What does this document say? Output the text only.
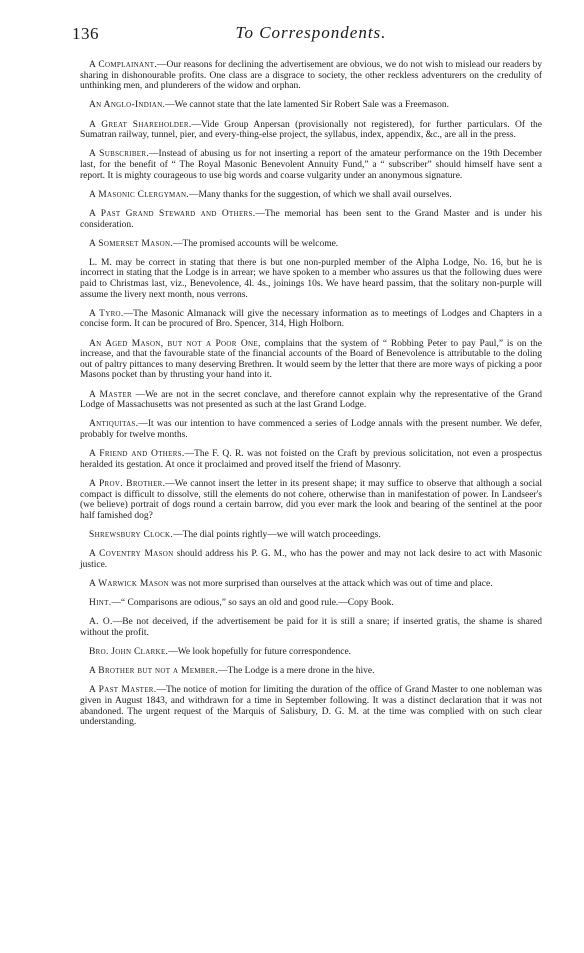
136	To Correspondents.

A Complainant.—Our reasons for declining the advertisement are obvious, we do not wish to mislead our readers by sharing in dishonourable profits. One class are a disgrace to society, the other reckless adventurers on the credulity of unthinking men, and plunderers of the widow and orphan.

An Anglo-Indian.—We cannot state that the late lamented Sir Robert Sale was a Freemason.

A Great Shareholder.—Vide Group Anpersan (provisionally not registered), for further particulars. Of the Sumatran railway, tunnel, pier, and every-thing-else project, the syllabus, index, appendix, &c., are all in the press.

A Subscriber.—Instead of abusing us for not inserting a report of the amateur performance on the 19th December last, for the benefit of “ The Royal Masonic Benevolent Annuity Fund,” a “ subscriber” should himself have sent a report. It is mighty courageous to use big words and coarse vulgarity under an anonymous signature.

A Masonic Clergyman.—Many thanks for the suggestion, of which we shall avail ourselves.

A Past Grand Steward and Others.—The memorial has been sent to the Grand Master and is under his consideration.

A Somerset Mason.—The promised accounts will be welcome.

L. M. may be correct in stating that there is but one non-purpled member of the Alpha Lodge, No. 16, but he is incorrect in stating that the Lodge is in arrear; we have spoken to a member who assures us that the following dues were paid to Christmas last, viz., Benevolence, 4l. 4s., joinings 10s. We have heard passim, that the solitary non-purple will assume the livery next month, nous verrons.

A Tyro.—The Masonic Almanack will give the necessary information as to meetings of Lodges and Chapters in a concise form. It can be procured of Bro. Spencer, 314, High Holborn.

An Aged Mason, but not a Poor One, complains that the system of “ Robbing Peter to pay Paul,” is on the increase, and that the favourable state of the financial accounts of the Board of Benevolence is attributable to the doling out of paltry pittances to many deserving Brethren. It would seem by the letter that there are more ways of picking a poor Masons pocket than by thrusting your hand into it.

A Master —We are not in the secret conclave, and therefore cannot explain why the representative of the Grand Lodge of Massachusetts was not presented as such at the last Grand Lodge.

Antiquitas.—It was our intention to have commenced a series of Lodge annals with the present number. We defer, probably for twelve months.

A Friend and Others.—The F. Q. R. was not foisted on the Craft by previous solicitation, not even a prospectus heralded its gestation. At once it proclaimed and proved itself the friend of Masonry.

A Prov. Brother.—We cannot insert the letter in its present shape; it may suffice to observe that although a social compact is difficult to dissolve, still the elements do not cohere, otherwise than in manifestation of power. In Landseer's (we believe) portrait of dogs round a certain barrow, did you ever mark the look and bearing of the sentinel at the poor half famished dog?

Shrewsbury Clock.—The dial points rightly—we will watch proceedings.

A Coventry Mason should address his P. G. M., who has the power and may not lack desire to act with Masonic justice.

A Warwick Mason was not more surprised than ourselves at the attack which was out of time and place.

Hint.—“ Comparisons are odious,” so says an old and good rule.—Copy Book.

A. O.—Be not deceived, if the advertisement be paid for it is still a snare; if inserted gratis, the shame is shared without the profit.

Bro. John Clarke.—We look hopefully for future correspondence.

A Brother but not a Member.—The Lodge is a mere drone in the hive.

A Past Master.—The notice of motion for limiting the duration of the office of Grand Master to one nobleman was given in August 1843, and withdrawn for a time in September following. It was a distinct declaration that it was not abandoned. The urgent request of the Marquis of Salisbury, D. G. M. at the time was complied with on such clear understanding.
